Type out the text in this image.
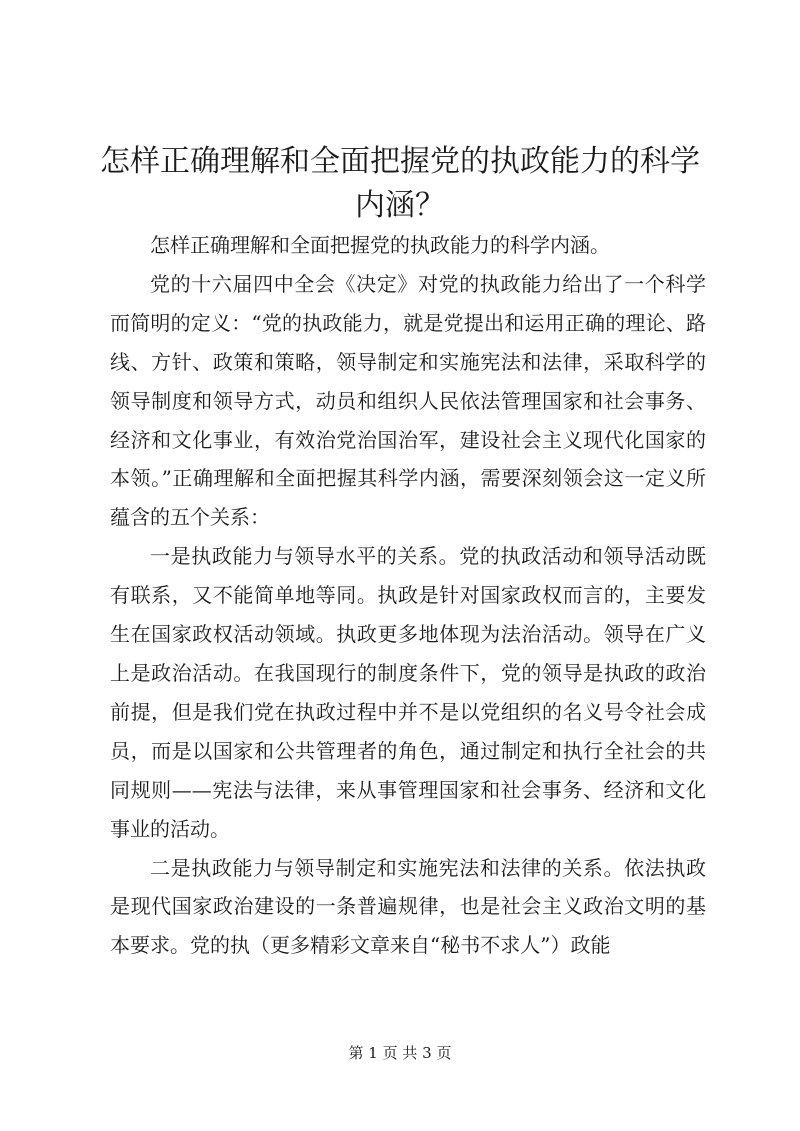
怎样正确理解和全面把握党的执政能力的科学内涵？

怎样正确理解和全面把握党的执政能力的科学内涵。

党的十六届四中全会《决定》对党的执政能力给出了一个科学而简明的定义：“党的执政能力，就是党提出和运用正确的理论、路线、方针、政策和策略，领导制定和实施宪法和法律，采取科学的领导制度和领导方式，动员和组织人民依法管理国家和社会事务、经济和文化事业，有效治党治国治军，建设社会主义现代化国家的本领。”正确理解和全面把握其科学内涵，需要深刻领会这一定义所蕴含的五个关系：

一是执政能力与领导水平的关系。党的执政活动和领导活动既有联系，又不能简单地等同。执政是针对国家政权而言的，主要发生在国家政权活动领域。执政更多地体现为法治活动。领导在广义上是政治活动。在我国现行的制度条件下，党的领导是执政的政治前提，但是我们党在执政过程中并不是以党组织的名义号令社会成员，而是以国家和公共管理者的角色，通过制定和执行全社会的共同规则——宪法与法律，来从事管理国家和社会事务、经济和文化事业的活动。

二是执政能力与领导制定和实施宪法和法律的关系。依法执政是现代国家政治建设的一条普遍规律，也是社会主义政治文明的基本要求。党的执（更多精彩文章来自“秘书不求人”）政能

第 1 页 共 3 页
